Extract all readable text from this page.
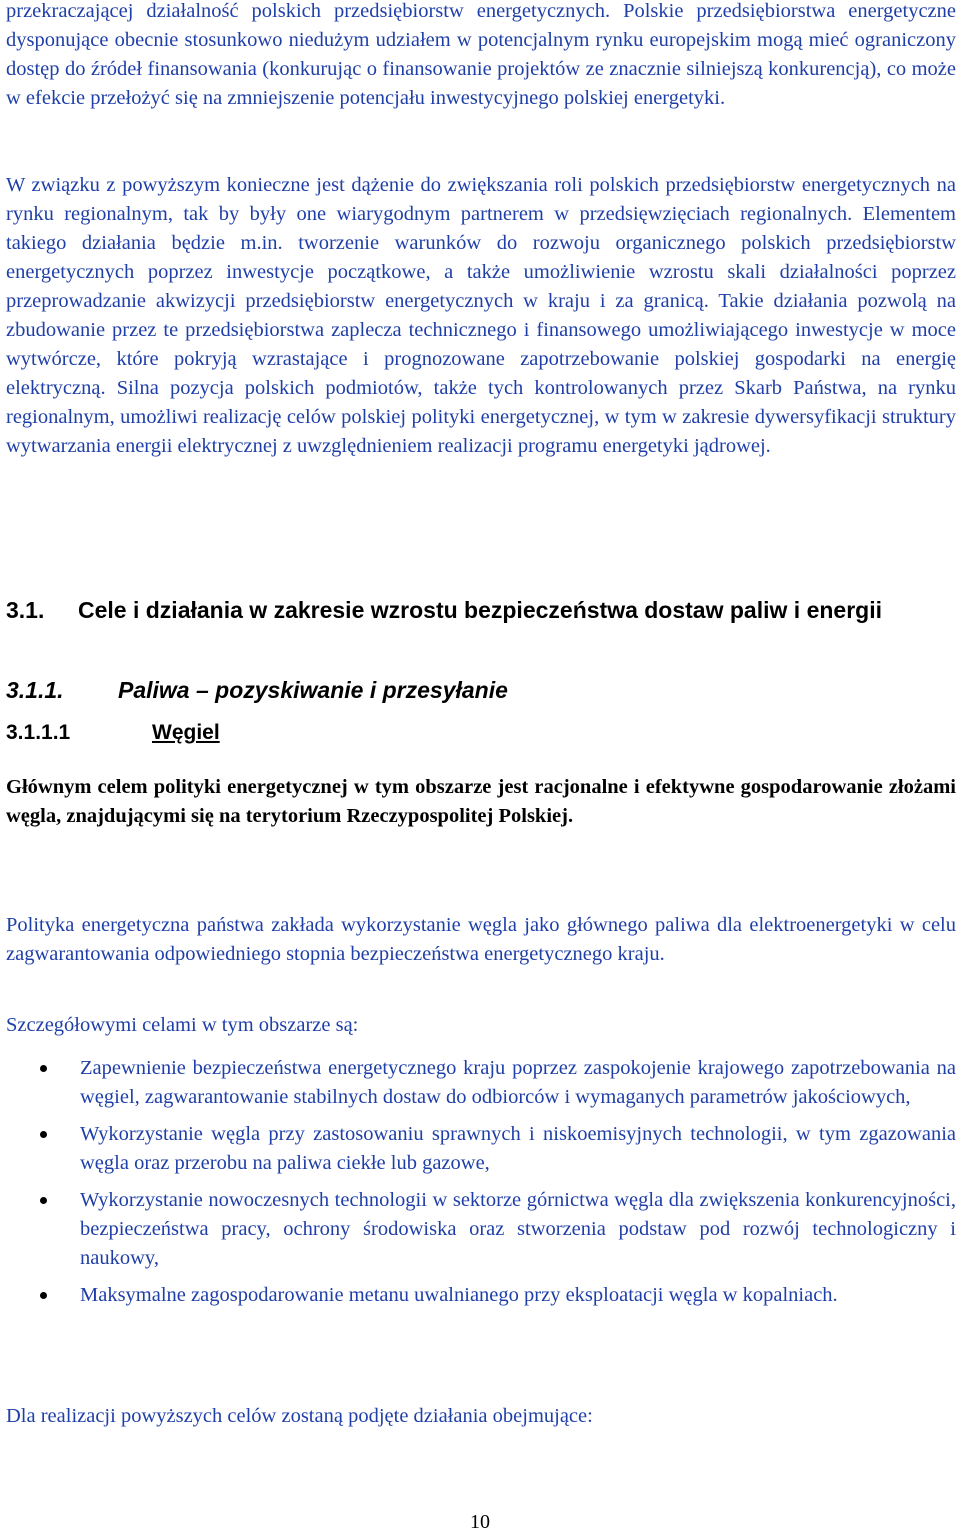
przekraczającej działalność polskich przedsiębiorstw energetycznych. Polskie przedsiębiorstwa energetyczne dysponujące obecnie stosunkowo niedużym udziałem w potencjalnym rynku europejskim mogą mieć ograniczony dostęp do źródeł finansowania (konkurując o finansowanie projektów ze znacznie silniejszą konkurencją), co może w efekcie przełożyć się na zmniejszenie potencjału inwestycyjnego polskiej energetyki.

W związku z powyższym konieczne jest dążenie do zwiększania roli polskich przedsiębiorstw energetycznych na rynku regionalnym, tak by były one wiarygodnym partnerem w przedsięwzięciach regionalnych. Elementem takiego działania będzie m.in. tworzenie warunków do rozwoju organicznego polskich przedsiębiorstw energetycznych poprzez inwestycje początkowe, a także umożliwienie wzrostu skali działalności poprzez przeprowadzanie akwizycji przedsiębiorstw energetycznych w kraju i za granicą. Takie działania pozwolą na zbudowanie przez te przedsiębiorstwa zaplecza technicznego i finansowego umożliwiającego inwestycje w moce wytwórcze, które pokryją wzrastające i prognozowane zapotrzebowanie polskiej gospodarki na energię elektryczną. Silna pozycja polskich podmiotów, także tych kontrolowanych przez Skarb Państwa, na rynku regionalnym, umożliwi realizację celów polskiej polityki energetycznej, w tym w zakresie dywersyfikacji struktury wytwarzania energii elektrycznej z uwzględnieniem realizacji programu energetyki jądrowej.

3.1. Cele i działania w zakresie wzrostu bezpieczeństwa dostaw paliw i energii
3.1.1. Paliwa – pozyskiwanie i przesyłanie
3.1.1.1	Węgiel

Głównym celem polityki energetycznej w tym obszarze jest racjonalne i efektywne gospodarowanie złożami węgla, znajdującymi się na terytorium Rzeczypospolitej Polskiej.

Polityka energetyczna państwa zakłada wykorzystanie węgla jako głównego paliwa dla elektroenergetyki w celu zagwarantowania odpowiedniego stopnia bezpieczeństwa energetycznego kraju.

Szczegółowymi celami w tym obszarze są:

Zapewnienie bezpieczeństwa energetycznego kraju poprzez zaspokojenie krajowego zapotrzebowania na węgiel, zagwarantowanie stabilnych dostaw do odbiorców i wymaganych parametrów jakościowych,

Wykorzystanie węgla przy zastosowaniu sprawnych i niskoemisyjnych technologii, w tym zgazowania węgla oraz przerobu na paliwa ciekłe lub gazowe,

Wykorzystanie nowoczesnych technologii w sektorze górnictwa węgla dla zwiększenia konkurencyjności, bezpieczeństwa pracy, ochrony środowiska oraz stworzenia podstaw pod rozwój technologiczny i naukowy,

Maksymalne zagospodarowanie metanu uwalnianego przy eksploatacji węgla w kopalniach.

Dla realizacji powyższych celów zostaną podjęte działania obejmujące:

10
